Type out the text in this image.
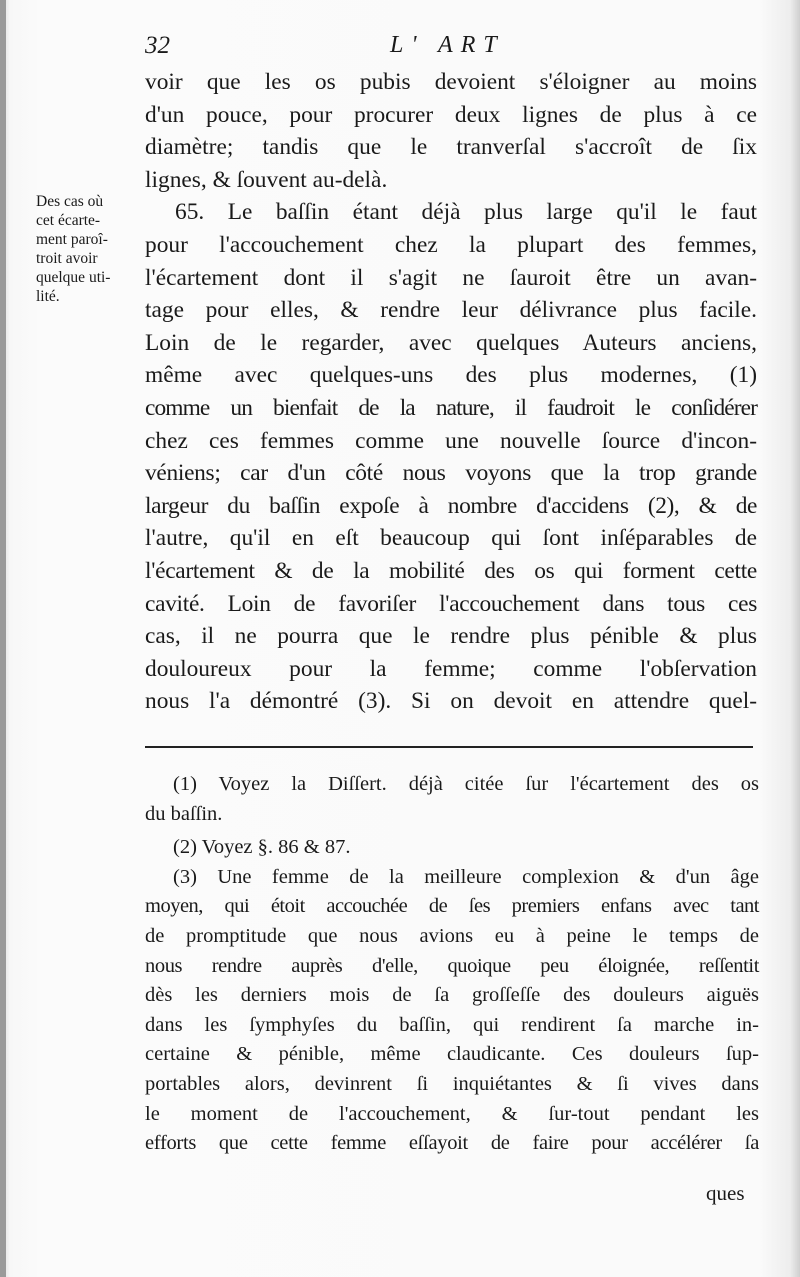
32	L' ART
Des cas où
cet écarte-
ment paroî-
troit avoir
quelque uti-
lité.
voir que les os pubis devoient s'éloigner au moins
d'un pouce, pour procurer deux lignes de plus à ce
diamètre; tandis que le tranverſal s'accroît de ſix
lignes, & ſouvent au-delà.
65. Le baſſin étant déjà plus large qu'il le faut
pour l'accouchement chez la plupart des femmes,
l'écartement dont il s'agit ne ſauroit être un avan-
tage pour elles, & rendre leur délivrance plus facile.
Loin de le regarder, avec quelques Auteurs anciens,
même avec quelques-uns des plus modernes, (1)
comme un bienfait de la nature, il faudroit le conſidérer
chez ces femmes comme une nouvelle ſource d'incon-
véniens; car d'un côté nous voyons que la trop grande
largeur du baſſin expoſe à nombre d'accidens (2), & de
l'autre, qu'il en eſt beaucoup qui ſont inſéparables de
l'écartement & de la mobilité des os qui forment cette
cavité. Loin de favoriſer l'accouchement dans tous ces
cas, il ne pourra que le rendre plus pénible & plus
douloureux pour la femme; comme l'obſervation
nous l'a démontré (3). Si on devoit en attendre quel-
(1) Voyez la Diſſert. déjà citée ſur l'écartement des os
du baſſin.
(2) Voyez §. 86 & 87.
(3) Une femme de la meilleure complexion & d'un âge
moyen, qui étoit accouchée de ſes premiers enfans avec tant
de promptitude que nous avions eu à peine le temps de
nous rendre auprès d'elle, quoique peu éloignée, reſſentit
dès les derniers mois de ſa groſſeſſe des douleurs aiguës
dans les ſymphyſes du baſſin, qui rendirent ſa marche in-
certaine & pénible, même claudicante. Ces douleurs ſup-
portables alors, devinrent ſi inquiétantes & ſi vives dans
le moment de l'accouchement, & ſur-tout pendant les
efforts que cette femme eſſayoit de faire pour accélérer ſa
ques
